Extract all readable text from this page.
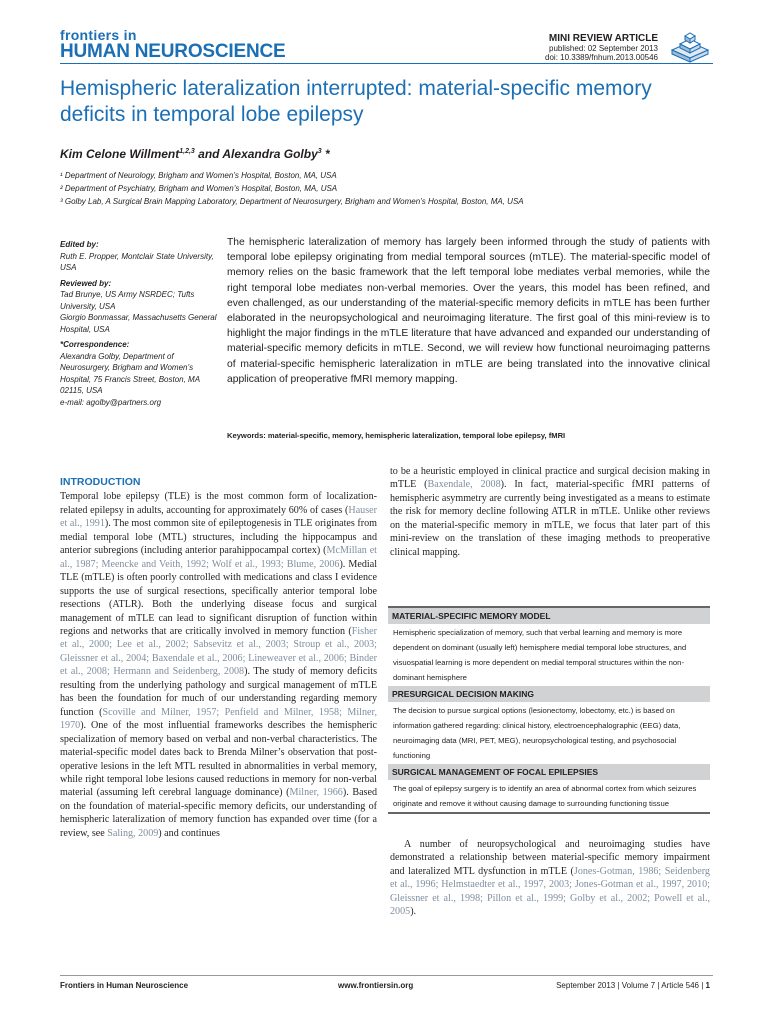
frontiers in
HUMAN NEUROSCIENCE
MINI REVIEW ARTICLE
published: 02 September 2013
doi: 10.3389/fnhum.2013.00546
Hemispheric lateralization interrupted: material-specific memory deficits in temporal lobe epilepsy
Kim Celone Willment$^{1,2,3}$ and Alexandra Golby$^3$ *
¹ Department of Neurology, Brigham and Women’s Hospital, Boston, MA, USA
² Department of Psychiatry, Brigham and Women’s Hospital, Boston, MA, USA
³ Golby Lab, A Surgical Brain Mapping Laboratory, Department of Neurosurgery, Brigham and Women’s Hospital, Boston, MA, USA
Edited by:
Ruth E. Propper, Montclair State University, USA
Reviewed by:
Tad Brunye, US Army NSRDEC; Tufts University, USA
Giorgio Bonmassar, Massachusetts General Hospital, USA
*Correspondence:
Alexandra Golby, Department of Neurosurgery, Brigham and Women’s Hospital, 75 Francis Street, Boston, MA 02115, USA
e-mail: agolby@partners.org
The hemispheric lateralization of memory has largely been informed through the study of patients with temporal lobe epilepsy originating from medial temporal sources (mTLE). The material-specific model of memory relies on the basic framework that the left temporal lobe mediates verbal memories, while the right temporal lobe mediates non-verbal memories. Over the years, this model has been refined, and even challenged, as our understanding of the material-specific memory deficits in mTLE has been further elaborated in the neuropsychological and neuroimaging literature. The first goal of this mini-review is to highlight the major findings in the mTLE literature that have advanced and expanded our understanding of material-specific memory deficits in mTLE. Second, we will review how functional neuroimaging patterns of material-specific hemispheric lateralization in mTLE are being translated into the innovative clinical application of preoperative fMRI memory mapping.
Keywords: material-specific, memory, hemispheric lateralization, temporal lobe epilepsy, fMRI
INTRODUCTION
Temporal lobe epilepsy (TLE) is the most common form of localization-related epilepsy in adults, accounting for approximately 60% of cases (Hauser et al., 1991). The most common site of epileptogenesis in TLE originates from medial temporal lobe (MTL) structures, including the hippocampus and anterior subregions (including anterior parahippocampal cortex) (McMillan et al., 1987; Meencke and Veith, 1992; Wolf et al., 1993; Blume, 2006). Medial TLE (mTLE) is often poorly controlled with medications and class I evidence supports the use of surgical resections, specifically anterior temporal lobe resections (ATLR). Both the underlying disease focus and surgical management of mTLE can lead to significant disruption of function within regions and networks that are critically involved in memory function (Fisher et al., 2000; Lee et al., 2002; Sabsevitz et al., 2003; Stroup et al., 2003; Gleissner et al., 2004; Baxendale et al., 2006; Lineweaver et al., 2006; Binder et al., 2008; Hermann and Seidenberg, 2008). The study of memory deficits resulting from the underlying pathology and surgical management of mTLE has been the foundation for much of our understanding regarding memory function (Scoville and Milner, 1957; Penfield and Milner, 1958; Milner, 1970). One of the most influential frameworks describes the hemispheric specialization of memory based on verbal and non-verbal characteristics. The material-specific model dates back to Brenda Milner’s observation that post-operative lesions in the left MTL resulted in abnormalities in verbal memory, while right temporal lobe lesions caused reductions in memory for non-verbal material (assuming left cerebral language dominance) (Milner, 1966). Based on the foundation of material-specific memory deficits, our understanding of hemispheric lateralization of memory function has expanded over time (for a review, see Saling, 2009) and continues
to be a heuristic employed in clinical practice and surgical decision making in mTLE (Baxendale, 2008). In fact, material-specific fMRI patterns of hemispheric asymmetry are currently being investigated as a means to estimate the risk for memory decline following ATLR in mTLE. Unlike other reviews on the material-specific memory in mTLE, we focus that later part of this mini-review on the translation of these imaging methods to preoperative clinical mapping.
MATERIAL-SPECIFIC MEMORY MODEL
Hemispheric specialization of memory, such that verbal learning and memory is more dependent on dominant (usually left) hemisphere medial temporal lobe structures, and visuospatial learning is more dependent on medial temporal structures within the non-dominant hemisphere
PRESURGICAL DECISION MAKING
The decision to pursue surgical options (lesionectomy, lobectomy, etc.) is based on information gathered regarding: clinical history, electroencephalographic (EEG) data, neuroimaging data (MRI, PET, MEG), neuropsychological testing, and psychosocial functioning
SURGICAL MANAGEMENT OF FOCAL EPILEPSIES
The goal of epilepsy surgery is to identify an area of abnormal cortex from which seizures originate and remove it without causing damage to surrounding functioning tissue
A number of neuropsychological and neuroimaging studies have demonstrated a relationship between material-specific memory impairment and lateralized MTL dysfunction in mTLE (Jones-Gotman, 1986; Seidenberg et al., 1996; Helmstaedter et al., 1997, 2003; Jones-Gotman et al., 1997, 2010; Gleissner et al., 1998; Pillon et al., 1999; Golby et al., 2002; Powell et al., 2005).
Frontiers in Human Neuroscience	www.frontiersin.org	September 2013 | Volume 7 | Article 546 | 1
